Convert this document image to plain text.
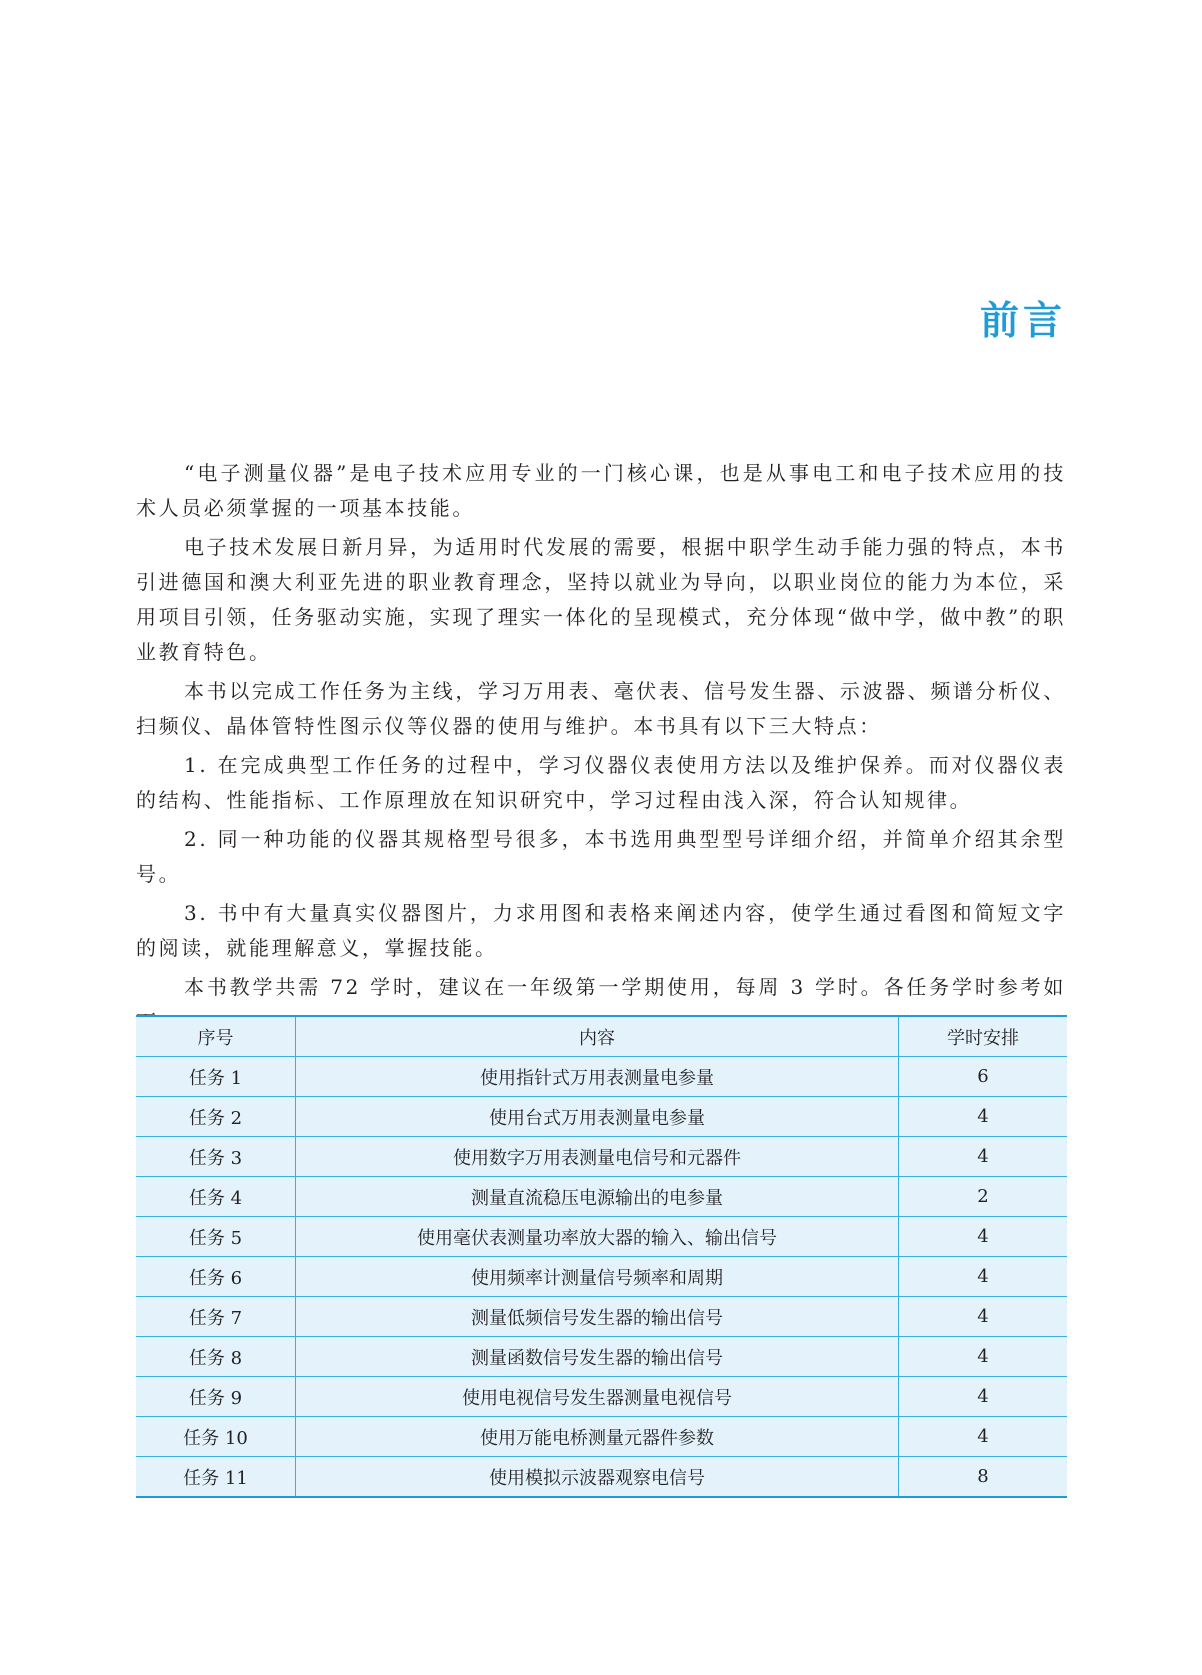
前言

“电子测量仪器”是电子技术应用专业的一门核心课，也是从事电工和电子技术应用的技术人员必须掌握的一项基本技能。

电子技术发展日新月异，为适用时代发展的需要，根据中职学生动手能力强的特点，本书引进德国和澳大利亚先进的职业教育理念，坚持以就业为导向，以职业岗位的能力为本位，采用项目引领，任务驱动实施，实现了理实一体化的呈现模式，充分体现“做中学，做中教”的职业教育特色。

本书以完成工作任务为主线，学习万用表、毫伏表、信号发生器、示波器、频谱分析仪、扫频仪、晶体管特性图示仪等仪器的使用与维护。本书具有以下三大特点：

1. 在完成典型工作任务的过程中，学习仪器仪表使用方法以及维护保养。而对仪器仪表的结构、性能指标、工作原理放在知识研究中，学习过程由浅入深，符合认知规律。

2. 同一种功能的仪器其规格型号很多，本书选用典型型号详细介绍，并简单介绍其余型号。

3. 书中有大量真实仪器图片，力求用图和表格来阐述内容，使学生通过看图和简短文字的阅读，就能理解意义，掌握技能。

本书教学共需 72 学时，建议在一年级第一学期使用，每周 3 学时。各任务学时参考如

序号	内容	学时安排
任务 1	使用指针式万用表测量电参量	6
任务 2	使用台式万用表测量电参量	4
任务 3	使用数字万用表测量电信号和元器件	4
任务 4	测量直流稳压电源输出的电参量	2
任务 5	使用毫伏表测量功率放大器的输入、输出信号	4
任务 6	使用频率计测量信号频率和周期	4
任务 7	测量低频信号发生器的输出信号	4
任务 8	测量函数信号发生器的输出信号	4
任务 9	使用电视信号发生器测量电视信号	4
任务 10	使用万能电桥测量元器件参数	4
任务 11	使用模拟示波器观察电信号	8
